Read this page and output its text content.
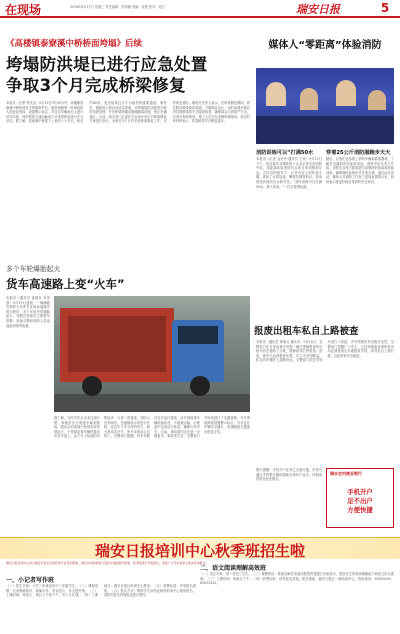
在现场	2016年6月27日 星期三 责任编辑：张明楠 美编：周蕾 校对：吴宏	瑞安日报	5
《高楼镇泰寮溪中桥桥面垮塌》后续
垮塌防洪堤已进行应急处置
争取3个月完成桥梁修复
本报讯（记者 郑光宝）9月13日7时30分许，高楼镇泰寮溪中桥桥面发生垮塌事件后，镇村两级第一时间组织人员赶赴现场，设置警示标志，对过往车辆和行人进行劝导分流，同时联系交通运输部门对受损桥梁进行安全评估。据了解，泰寮溪中桥建于上世纪八十年代，桥长约40米，是连接周边多个行政村的重要通道。事发后，镇政府立即启动应急预案，对垮塌段防洪堤进行临时加固处理，并在桥梁两端设置硬隔离设施，禁止车辆通行。目前，相关部门已委托专业设计单位对桥梁修复方案进行设计，争取在3个月内完成桥梁修复工作，尽快恢复通行。镇相关负责人表示，在桥梁修复期间，将在附近增设临时便道，方便群众出行，同时加强对辖区内其他桥梁的安全隐患排查，确保群众生命财产安全。记者在现场看到，施工人员正在清理垮塌现场，周边村民纷纷表示，希望桥梁早日修复通车。
媒体人“零距离”体验消防
消防训练可以“打满50水
本报讯（记者 金丹丹 通讯员 王家）9月13日下午，来自瑞安各媒体的十余名记者走进消防中队，零距离体验消防官兵的日常训练和生活。在队员的指导下，记者们穿上消防战斗服，体验了水带连接、攀爬拉梯等科目，切身感受到消防官兵的辛苦。“消防训练可以打满50水，真不容易。”一位记者感叹道。
穿着25公斤消防服跑步天天
随后，记者们还参观了消防车辆和装备器材，了解各类器材的性能和用途。消防中队负责人介绍，消防官兵每天都要进行高强度的体能和技能训练，确保随时能够应对各类灾情。通过此次活动，媒体人对消防工作有了更加直观的认识，纷纷表示将更好地宣传消防安全知识。
多个车轮爆胎起火
货车高速路上变“火车”
本报讯（通讯员 莫继东 朱茂剑）9月19日凌晨，一辆满载货物的大货车在沈海高速瑞安段行驶时，多个车轮突然爆胎起火，驾驶员发现后立即停车报警。高速交警和消防人员迅速赶到现场处置。
据了解，当时货车正由北往南行驶，驾驶员在行驶途中闻到焦味，随后从后视镜中发现车轮冒烟起火，于是紧急将车辆停靠在应急车道上。由于车上装载的货物较多，火势一度蔓延。消防人员到场后，迅速铺设水带进行扑救，经过半个多小时的努力，明火被成功扑灭，所幸未造成人员伤亡。交警部门提醒，货车驾驶员在长途行驶前，应仔细检查车辆轮胎状况，不超载运输，行驶途中注意适当休息，确保行车安全。目前，事故原因正在进一步调查中。事故发生后，交警部门对现场进行了交通管制，并在事故路段设置警示标志，引导过往车辆安全通行，高速路段交通逐步恢复正常。
报废出租车私自上路被查
本报讯（通讯员 林旭元 谢永东）9月16日，交警部门在日常巡查中发现一辆已强制报废的出租车仍在道路上行驶，随即将其拦停检查。经查，该车已达到报废年限，车主为贪图利益，私自将车辆开上道路营运。交警部门依法对该车进行了扣留，并对驾驶员作出相应处罚。交警部门提醒广大车主，已达到报废标准的机动车必须按规定办理报废手续，切勿私自上路行驶，以免带来安全隐患。
银行提醒：手机开户业务已全面开通，市民可通过手机银行随时随地办理开户业务，详情请咨询各营业网点。
瑞丰农村商业银行
手机开户
足不出户
方便快捷
瑞安日报培训中心秋季班招生啦
瑞安日报培训中心是以瑞安日报社为依托的专业培训机构，拥有优秀的师资力量和丰富的教学经验，秋季班现已开始招生，欢迎广大学生和家长前来咨询报名。
一、小记者写作班
（一）招生对象：小学三年级至初中二年级学生。（二）课程设置：记者基础知识、新闻写作、采访技巧、作文提升等。（三）上课时间：每周六、周日上午或下午，共十五次课。（四）上课地点：瑞安日报社培训中心教室。（五）收费标准：详见报名须知。（六）报名方式：携带学生身份证明到培训中心现场报名，或拨打报名咨询电话进行预约。
二、语文阅读理解高效班
（一）招生对象：初一至初三学生。（二）课程特色：系统讲解各类阅读题型的答题方法和技巧，提高学生的阅读理解能力和语文综合素养。（三）上课时间：每周日下午。（四）收费标准：详见报名须知。报名地址：瑞安日报社一楼培训中心。咨询电话：65800000、65813333。
